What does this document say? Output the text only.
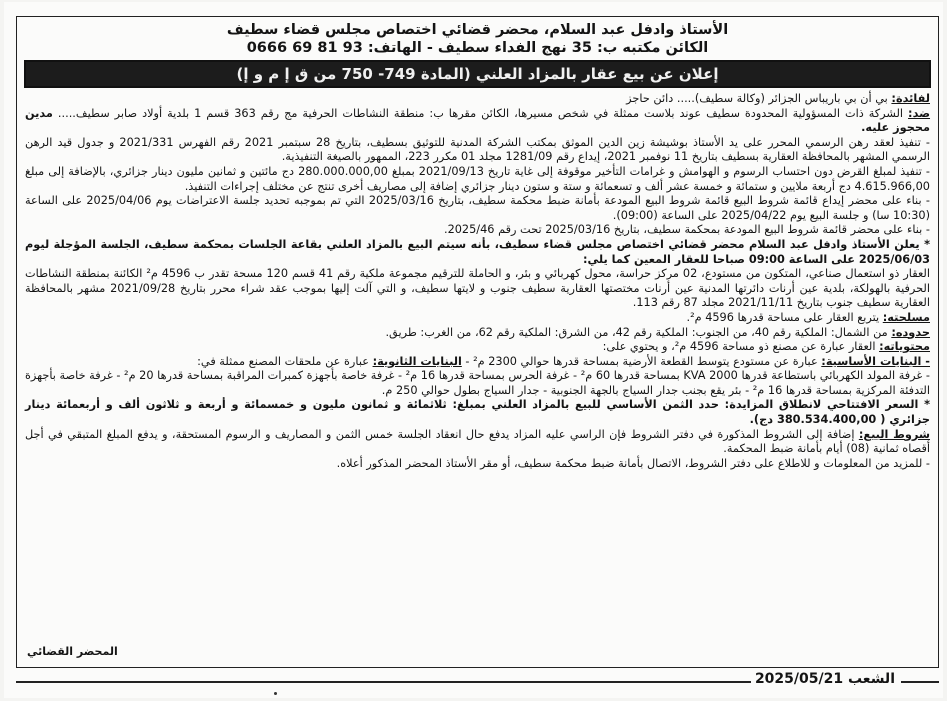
الأستاذ وادفل عبد السلام، محضر قضائي اختصاص مجلس قضاء سطيف
الكائن مكتبه ب: 35 نهج الفداء سطيف - الهاتف: 93 81 69 0666
إعلان عن بيع عقار بالمزاد العلني (المادة 749- 750 من ق إ م و إ)

لفائدة: بي أن بي باريباس الجزائر (وكالة سطيف)..... دائن حاجز

ضد: الشركة ذات المسؤولية المحدودة سطيف عوند بلاست ممثلة في شخص مسيرها، الكائن مقرها ب: منطقة النشاطات الحرفية مج رقم 363 قسم 1 بلدية أولاد صابر سطيف..... مدين محجوز عليه.

- تنفيذ لعقد رهن الرسمي المحرر على يد الأستاذ بوشيشة زين الدين الموثق بمكتب الشركة المدنية للتوثيق بسطيف، بتاريخ 28 سبتمبر 2021 رقم الفهرس 2021/331 و جدول قيد الرهن الرسمي المشهر بالمحافظة العقارية بسطيف بتاريخ 11 نوفمبر 2021، إيداع رقم 1281/09 مجلد 01 مكرر 223، الممهور بالصيغة التنفيذية.

- تنفيذ لمبلغ القرض دون احتساب الرسوم و الهوامش و غرامات التأخير موقوفة إلى غاية تاريخ 2021/09/13 بمبلغ 280.000.000,00 دج مائتين و ثمانين مليون دينار جزائري، بالإضافة إلى مبلغ 4.615.966,00 دج أربعة ملايين و ستمائة و خمسة عشر ألف و تسعمائة و ستة و ستون دينار جزائري إضافة إلى مصاريف أخرى تنتج عن مختلف إجراءات التنفيذ.

- بناء على محضر إيداع قائمة شروط البيع قائمة شروط البيع المودعة بأمانة ضبط محكمة سطيف، بتاريخ 2025/03/16 التي تم بموجبه تحديد جلسة الاعتراضات يوم 2025/04/06 على الساعة (10:30 سا) و جلسة البيع يوم 2025/04/22 على الساعة (09:00).

- بناء على محضر قائمة شروط البيع المودعة بمحكمة سطيف، بتاريخ 2025/03/16 تحت رقم 2025/46.

* يعلن الأستاذ وادفل عبد السلام محضر قضائي اختصاص مجلس قضاء سطيف، بأنه سيتم البيع بالمزاد العلني بقاعة الجلسات بمحكمة سطيف، الجلسة المؤجلة ليوم 2025/06/03 على الساعة 09:00 صباحا للعقار المعين كما يلي:

العقار ذو استعمال صناعي، المتكون من مستودع، 02 مركز حراسة، محول كهربائي و بئر، و الحاملة للترقيم مجموعة ملكية رقم 41 قسم 120 مسحة تقدر ب 4596 م² الكائنة بمنطقة النشاطات الحرفية بالهولكة، بلدية عين أرنات دائرتها المدنية عين أرنات مختصتها العقارية سطيف جنوب و لايتها سطيف، و التي آلت إليها بموجب عقد شراء محرر بتاريخ 2021/09/28 مشهر بالمحافظة العقارية سطيف جنوب بتاريخ 2021/11/11 مجلد 87 رقم 113.

مسلحته: يتربع العقار على مساحة قدرها 4596 م².

حدوده: من الشمال: الملكية رقم 40، من الجنوب: الملكية رقم 42، من الشرق: الملكية رقم 62، من الغرب: طريق.

محتوياته: العقار عبارة عن مصنع ذو مساحة 4596 م²، و يحتوي على:

- البنايات الأساسية: عبارة عن مستودع يتوسط القطعة الأرضية بمساحة قدرها حوالي 2300 م² - البنايات الثانوية: عبارة عن ملحقات المصنع ممثلة في:

- غرفة المولد الكهربائي باستطاعة قدرها KVA 2000 بمساحة قدرها 60 م² - غرفة الحرس بمساحة قدرها 16 م² - غرفة خاصة بأجهزة كمبرات المراقبة بمساحة قدرها 20 م² - غرفة خاصة بأجهزة التدفئة المركزية بمساحة قدرها 16 م² - بئر يقع بجنب جدار السياج بالجهة الجنوبية - جدار السياج بطول حوالي 250 م.

* السعر الافتتاحي لانطلاق المزايدة: حدد الثمن الأساسي للبيع بالمزاد العلني بمبلغ: ثلاثمائة و ثمانون مليون و خمسمائة و أربعة و ثلاثون ألف و أربعمائة دينار جزائري ( 380.534.400,00 دج).

شروط البيع: إضافة إلى الشروط المذكورة في دفتر الشروط فإن الراسي عليه المزاد يدفع حال انعقاد الجلسة خمس الثمن و المصاريف و الرسوم المستحقة، و يدفع المبلغ المتبقي في أجل أقصاه ثمانية (08) أيام بأمانة ضبط المحكمة.

- للمزيد من المعلومات و للاطلاع على دفتر الشروط، الاتصال بأمانة ضبط محكمة سطيف، أو مقر الأستاذ المحضر المذكور أعلاه.

المحضر القضائي
الشعب 2025/05/21
